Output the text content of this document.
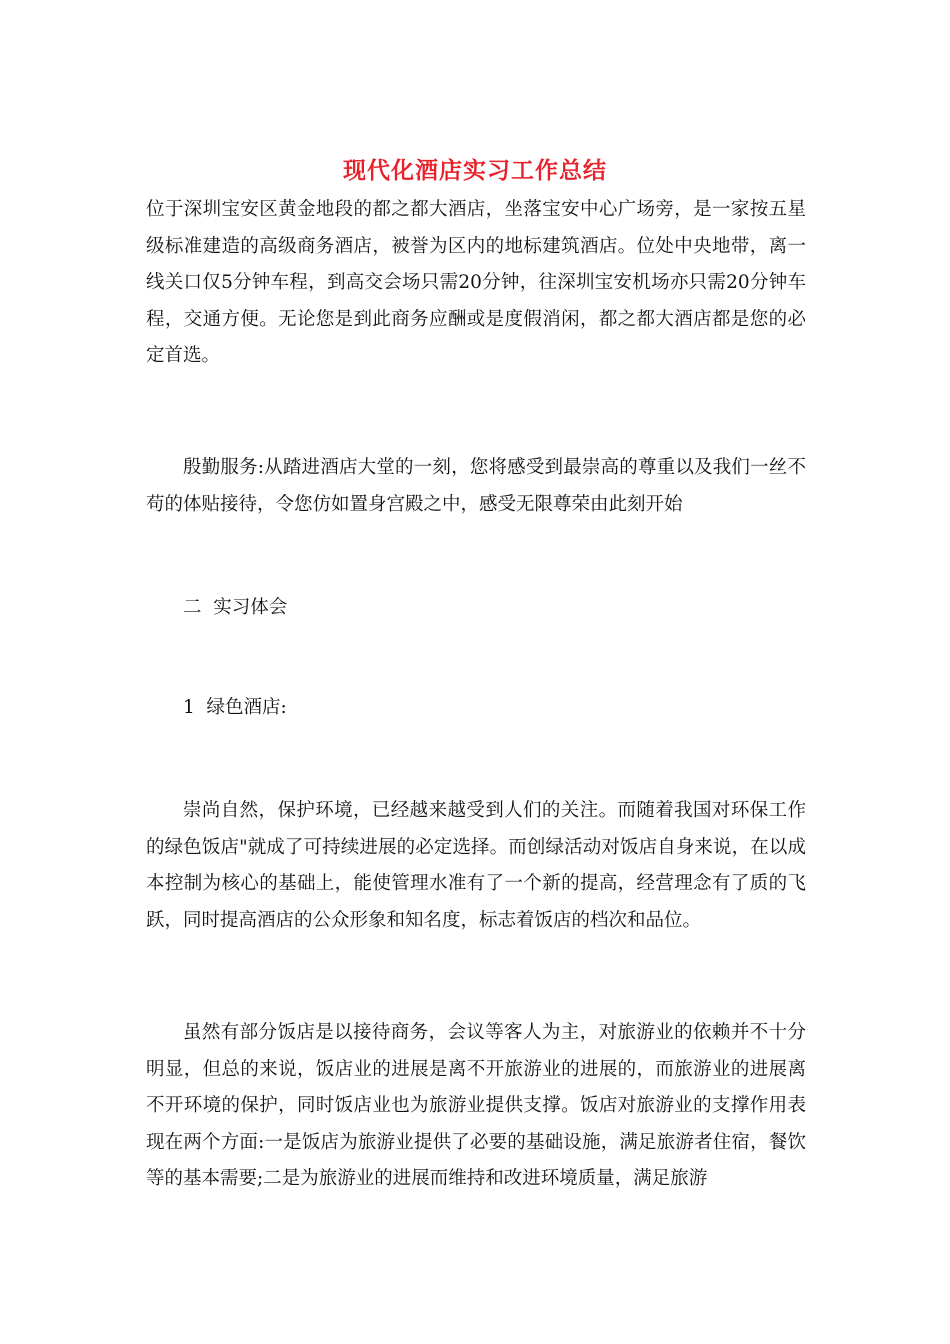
现代化酒店实习工作总结

位于深圳宝安区黄金地段的都之都大酒店，坐落宝安中心广场旁，是一家按五星级标准建造的高级商务酒店，被誉为区内的地标建筑酒店。位处中央地带，离一线关口仅5分钟车程，到高交会场只需20分钟，往深圳宝安机场亦只需20分钟车程，交通方便。无论您是到此商务应酬或是度假消闲，都之都大酒店都是您的必定首选。

殷勤服务:从踏进酒店大堂的一刻，您将感受到最崇高的尊重以及我们一丝不苟的体贴接待，令您仿如置身宫殿之中，感受无限尊荣由此刻开始

二  实习体会

1  绿色酒店:

崇尚自然，保护环境，已经越来越受到人们的关注。而随着我国对环保工作的绿色饭店"就成了可持续进展的必定选择。而创绿活动对饭店自身来说，在以成本控制为核心的基础上，能使管理水准有了一个新的提高，经营理念有了质的飞跃，同时提高酒店的公众形象和知名度，标志着饭店的档次和品位。

虽然有部分饭店是以接待商务，会议等客人为主，对旅游业的依赖并不十分明显，但总的来说，饭店业的进展是离不开旅游业的进展的，而旅游业的进展离不开环境的保护，同时饭店业也为旅游业提供支撑。饭店对旅游业的支撑作用表现在两个方面:一是饭店为旅游业提供了必要的基础设施，满足旅游者住宿，餐饮等的基本需要;二是为旅游业的进展而维持和改进环境质量，满足旅游
